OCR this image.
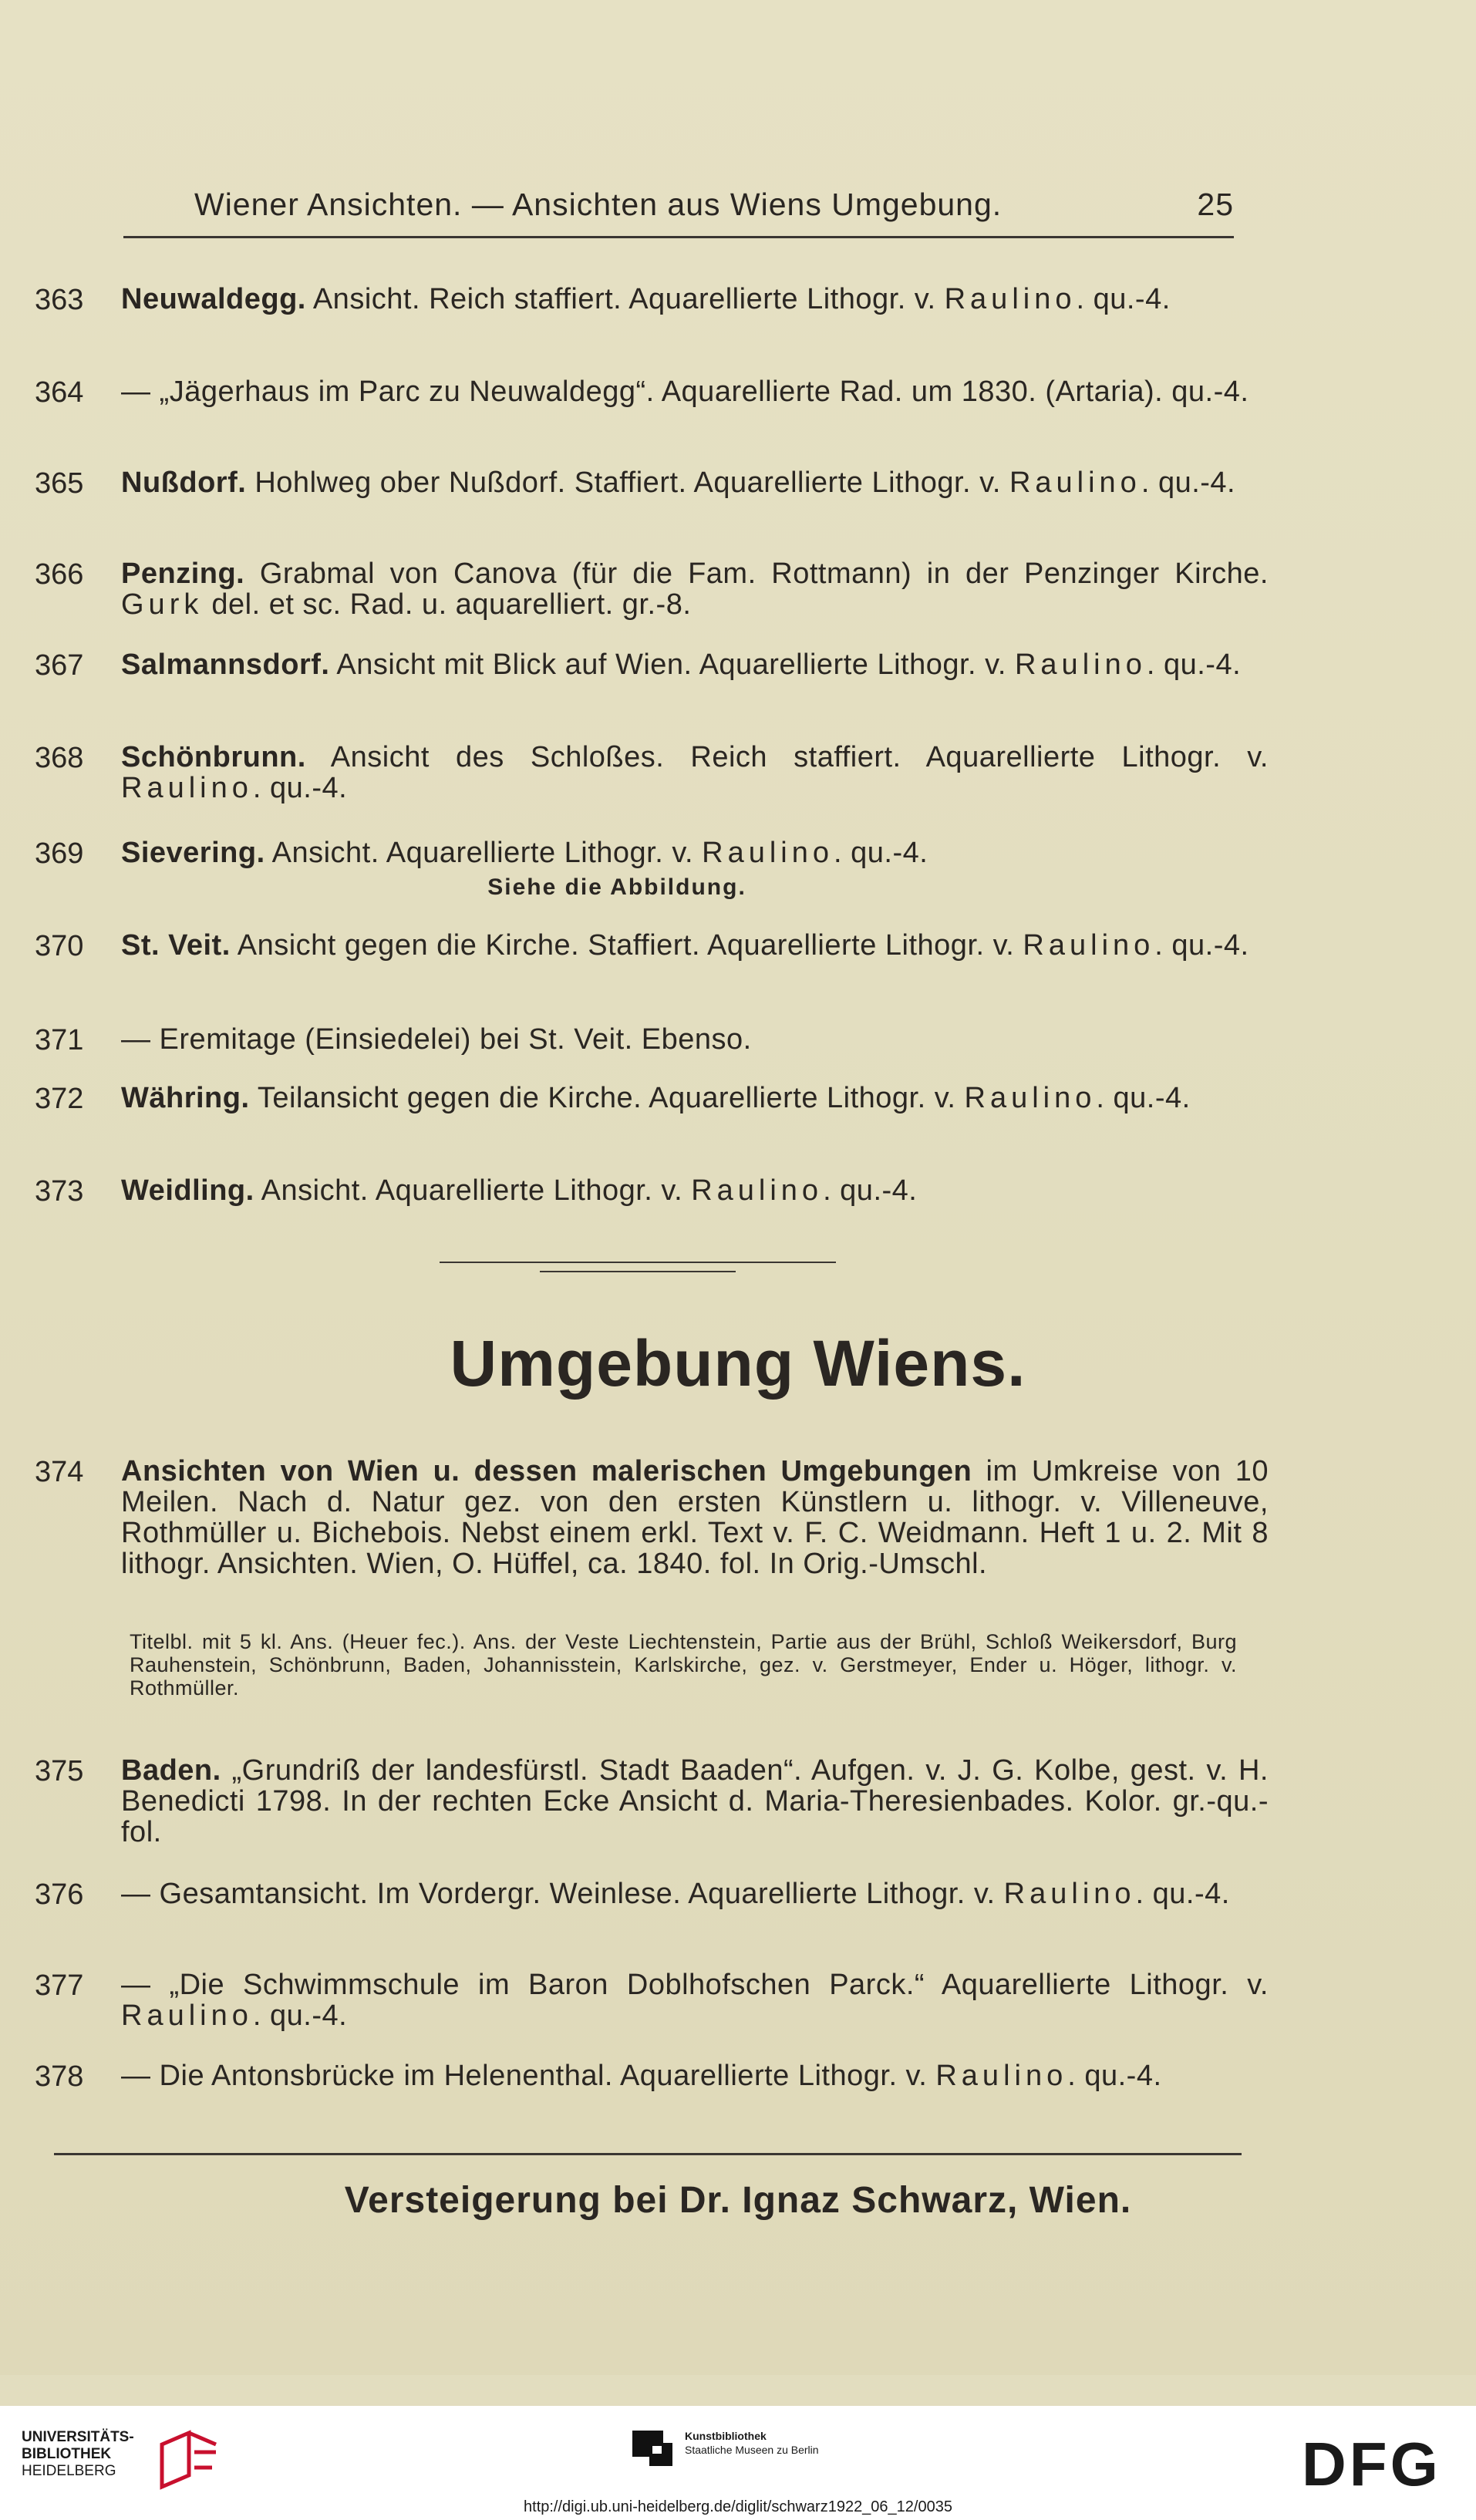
Wiener Ansichten. — Ansichten aus Wiens Umgebung.	25
363	Neuwaldegg. Ansicht. Reich staffiert. Aquarellierte Lithogr. v. Raulino. qu.-4.
364	— „Jägerhaus im Parc zu Neuwaldegg“. Aquarellierte Rad. um 1830. (Artaria). qu.-4.
365	Nußdorf. Hohlweg ober Nußdorf. Staffiert. Aquarellierte Lithogr. v. Raulino. qu.-4.
366	Penzing. Grabmal von Canova (für die Fam. Rottmann) in der Penzinger Kirche. Gurk del. et sc. Rad. u. aquarelliert. gr.-8.
367	Salmannsdorf. Ansicht mit Blick auf Wien. Aquarellierte Lithogr. v. Raulino. qu.-4.
368	Schönbrunn. Ansicht des Schloßes. Reich staffiert. Aquarellierte Lithogr. v. Raulino. qu.-4.
369	Sievering. Ansicht. Aquarellierte Lithogr. v. Raulino. qu.-4.
Siehe die Abbildung.
370	St. Veit. Ansicht gegen die Kirche. Staffiert. Aquarellierte Lithogr. v. Raulino. qu.-4.
371	— Eremitage (Einsiedelei) bei St. Veit. Ebenso.
372	Währing. Teilansicht gegen die Kirche. Aquarellierte Lithogr. v. Raulino. qu.-4.
373	Weidling. Ansicht. Aquarellierte Lithogr. v. Raulino. qu.-4.
Umgebung Wiens.
374	Ansichten von Wien u. dessen malerischen Umgebungen im Umkreise von 10 Meilen. Nach d. Natur gez. von den ersten Künstlern u. lithogr. v. Villeneuve, Rothmüller u. Bichebois. Nebst einem erkl. Text v. F. C. Weidmann. Heft 1 u. 2. Mit 8 lithogr. Ansichten. Wien, O. Hüffel, ca. 1840. fol. In Orig.-Umschl.
Titelbl. mit 5 kl. Ans. (Heuer fec.). Ans. der Veste Liechtenstein, Partie aus der Brühl, Schloß Weikersdorf, Burg Rauhenstein, Schönbrunn, Baden, Johannisstein, Karlskirche, gez. v. Gerstmeyer, Ender u. Höger, lithogr. v. Rothmüller.
375	Baden. „Grundriß der landesfürstl. Stadt Baaden“. Aufgen. v. J. G. Kolbe, gest. v. H. Benedicti 1798. In der rechten Ecke Ansicht d. Maria-Theresienbades. Kolor. gr.-qu.-fol.
376	— Gesamtansicht. Im Vordergr. Weinlese. Aquarellierte Lithogr. v. Raulino. qu.-4.
377	— „Die Schwimmschule im Baron Doblhofschen Parck.“ Aquarellierte Lithogr. v. Raulino. qu.-4.
378	— Die Antonsbrücke im Helenenthal. Aquarellierte Lithogr. v. Raulino. qu.-4.
Versteigerung bei Dr. Ignaz Schwarz, Wien.
UNIVERSITÄTS-
BIBLIOTHEK
HEIDELBERG
Kunstbibliothek
Staatliche Museen zu Berlin	DFG
http://digi.ub.uni-heidelberg.de/diglit/schwarz1922_06_12/0035
